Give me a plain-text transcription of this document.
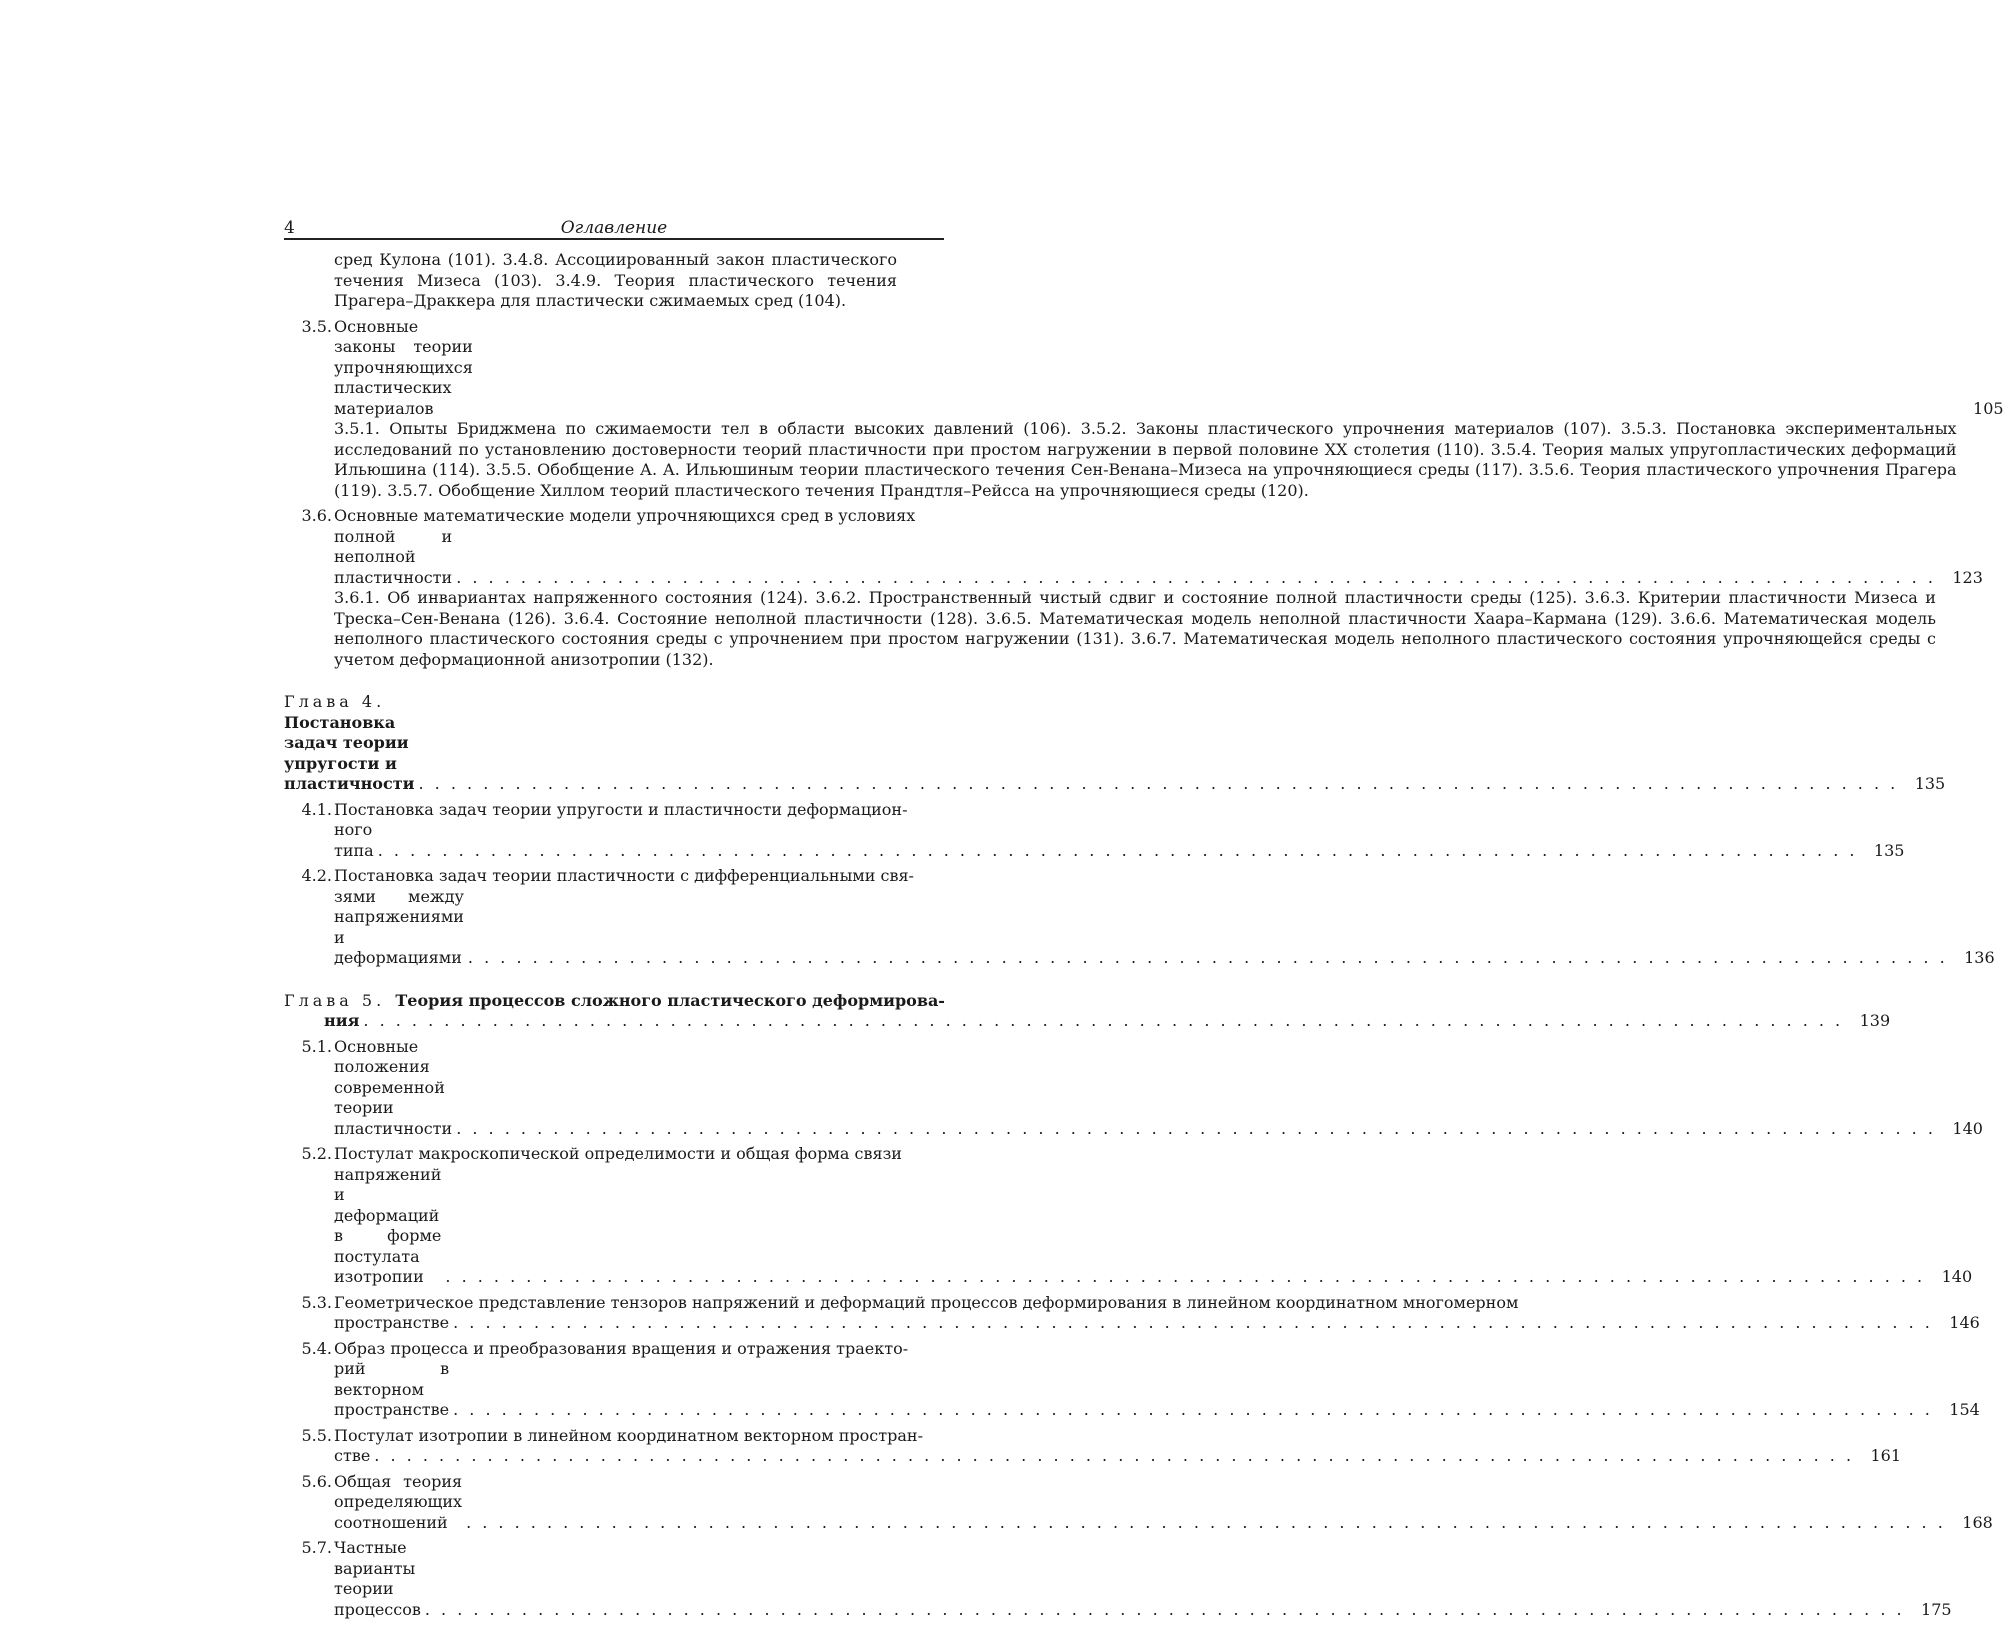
4	Оглавление
сред Кулона (101). 3.4.8. Ассоциированный закон пластического течения Мизеса (103). 3.4.9. Теория пластического течения Прагера–Драккера для пластически сжимаемых сред (104).
3.5. Основные законы теории упрочняющихся пластических материалов	105
3.5.1. Опыты Бриджмена по сжимаемости тел в области высоких давлений (106). 3.5.2. Законы пластического упрочнения материалов (107). 3.5.3. Постановка экспериментальных исследований по установлению достоверности теорий пластичности при простом нагружении в первой половине XX столетия (110). 3.5.4. Теория малых упругопластических деформаций Ильюшина (114). 3.5.5. Обобщение А. А. Ильюшиным теории пластического течения Сен-Венана–Мизеса на упрочняющиеся среды (117). 3.5.6. Теория пластического упрочнения Прагера (119). 3.5.7. Обобщение Хиллом теорий пластического течения Прандтля–Рейсса на упрочняющиеся среды (120).
3.6. Основные математические модели упрочняющихся сред в условиях
полной и неполной пластичности . . .	123
3.6.1. Об инвариантах напряженного состояния (124). 3.6.2. Пространственный чистый сдвиг и состояние полной пластичности среды (125). 3.6.3. Критерии пластичности Мизеса и Треска–Сен-Венана (126). 3.6.4. Состояние неполной пластичности (128). 3.6.5. Математическая модель неполной пластичности Хаара–Кармана (129). 3.6.6. Математическая модель неполного пластического состояния среды с упрочнением при простом нагружении (131). 3.6.7. Математическая модель неполного пластического состояния упрочняющейся среды с учетом деформационной анизотропии (132).
Глава 4.  Постановка задач теории упругости и пластичности . . .	135
4.1. Постановка задач теории упругости и пластичности деформацион-
ного типа . . .	135
4.2. Постановка задач теории пластичности с дифференциальными свя-
зями между напряжениями и деформациями . . .	136
Глава 5. Теория процессов сложного пластического деформирова-
ния . . .	139
5.1. Основные положения современной теории пластичности . . .	140
5.2. Постулат макроскопической определимости и общая форма связи
напряжений и деформаций в форме постулата изотропии . . .	140
5.3. Геометрическое представление тензоров напряжений и деформаций процессов деформирования в линейном координатном многомерном
пространстве . . .	146
5.4. Образ процесса и преобразования вращения и отражения траекто-
рий в векторном пространстве . . .	154
5.5. Постулат изотропии в линейном координатном векторном простран-
стве . . .	161
5.6. Общая теория определяющих соотношений . . .	168
5.7. Частные варианты теории процессов . . .	175
